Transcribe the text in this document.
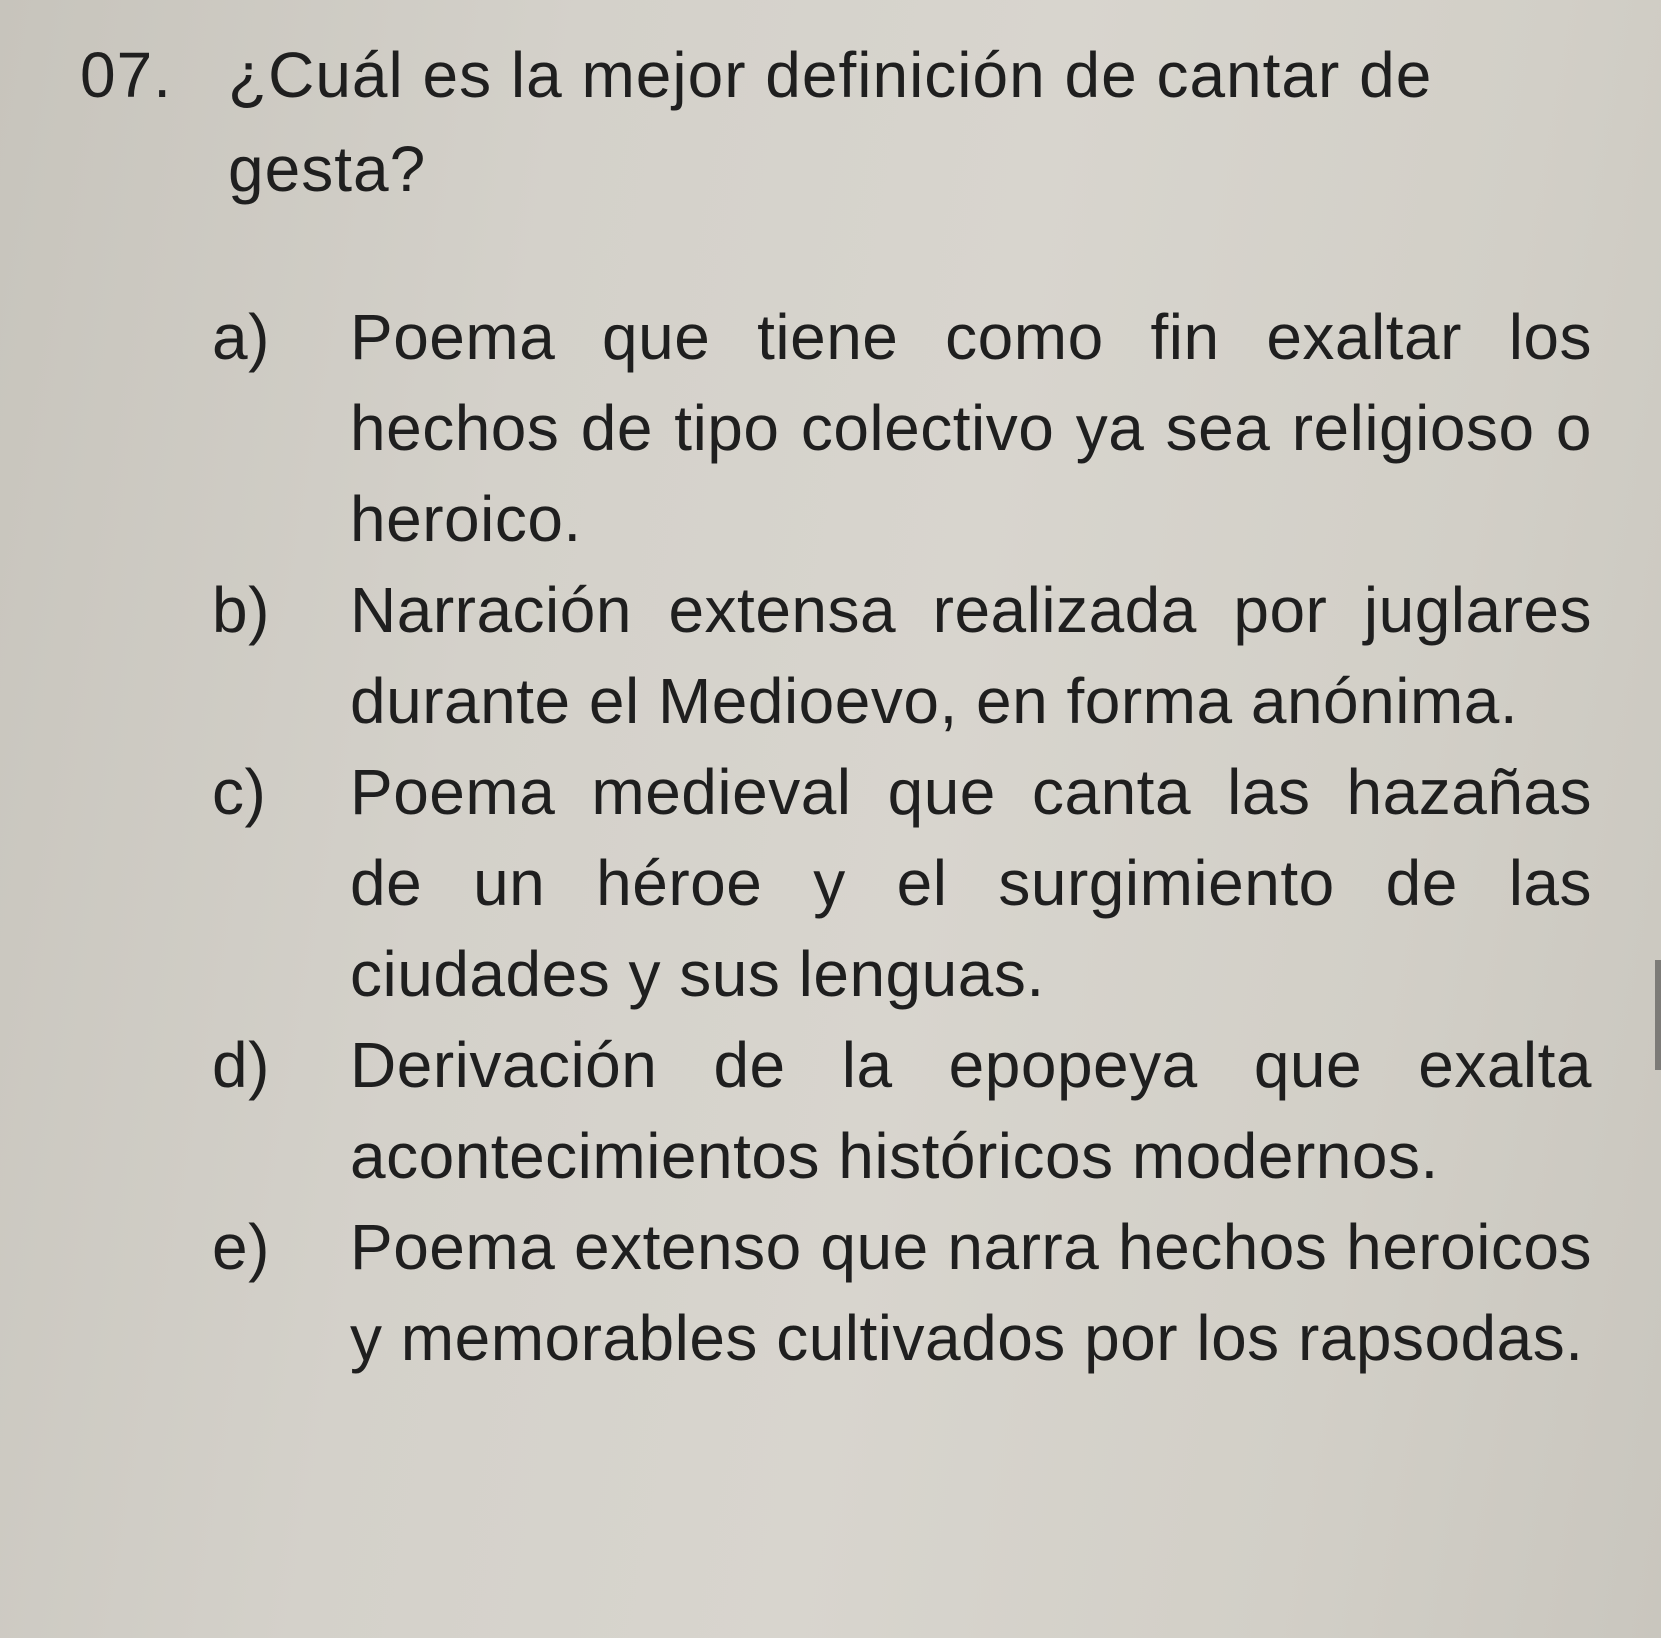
07. ¿Cuál es la mejor definición de cantar de
gesta?
a)	Poema que tiene como fin exaltar los hechos de tipo colectivo ya sea religioso o heroico.
b)	Narración extensa realizada por juglares durante el Medioevo, en forma anónima.
c)	Poema medieval que canta las hazañas de un héroe y el surgimiento de las ciudades y sus lenguas.
d)	Derivación de la epopeya que exalta acontecimientos históricos modernos.
e)	Poema extenso que narra hechos heroicos y memorables cultivados por los rapsodas.
